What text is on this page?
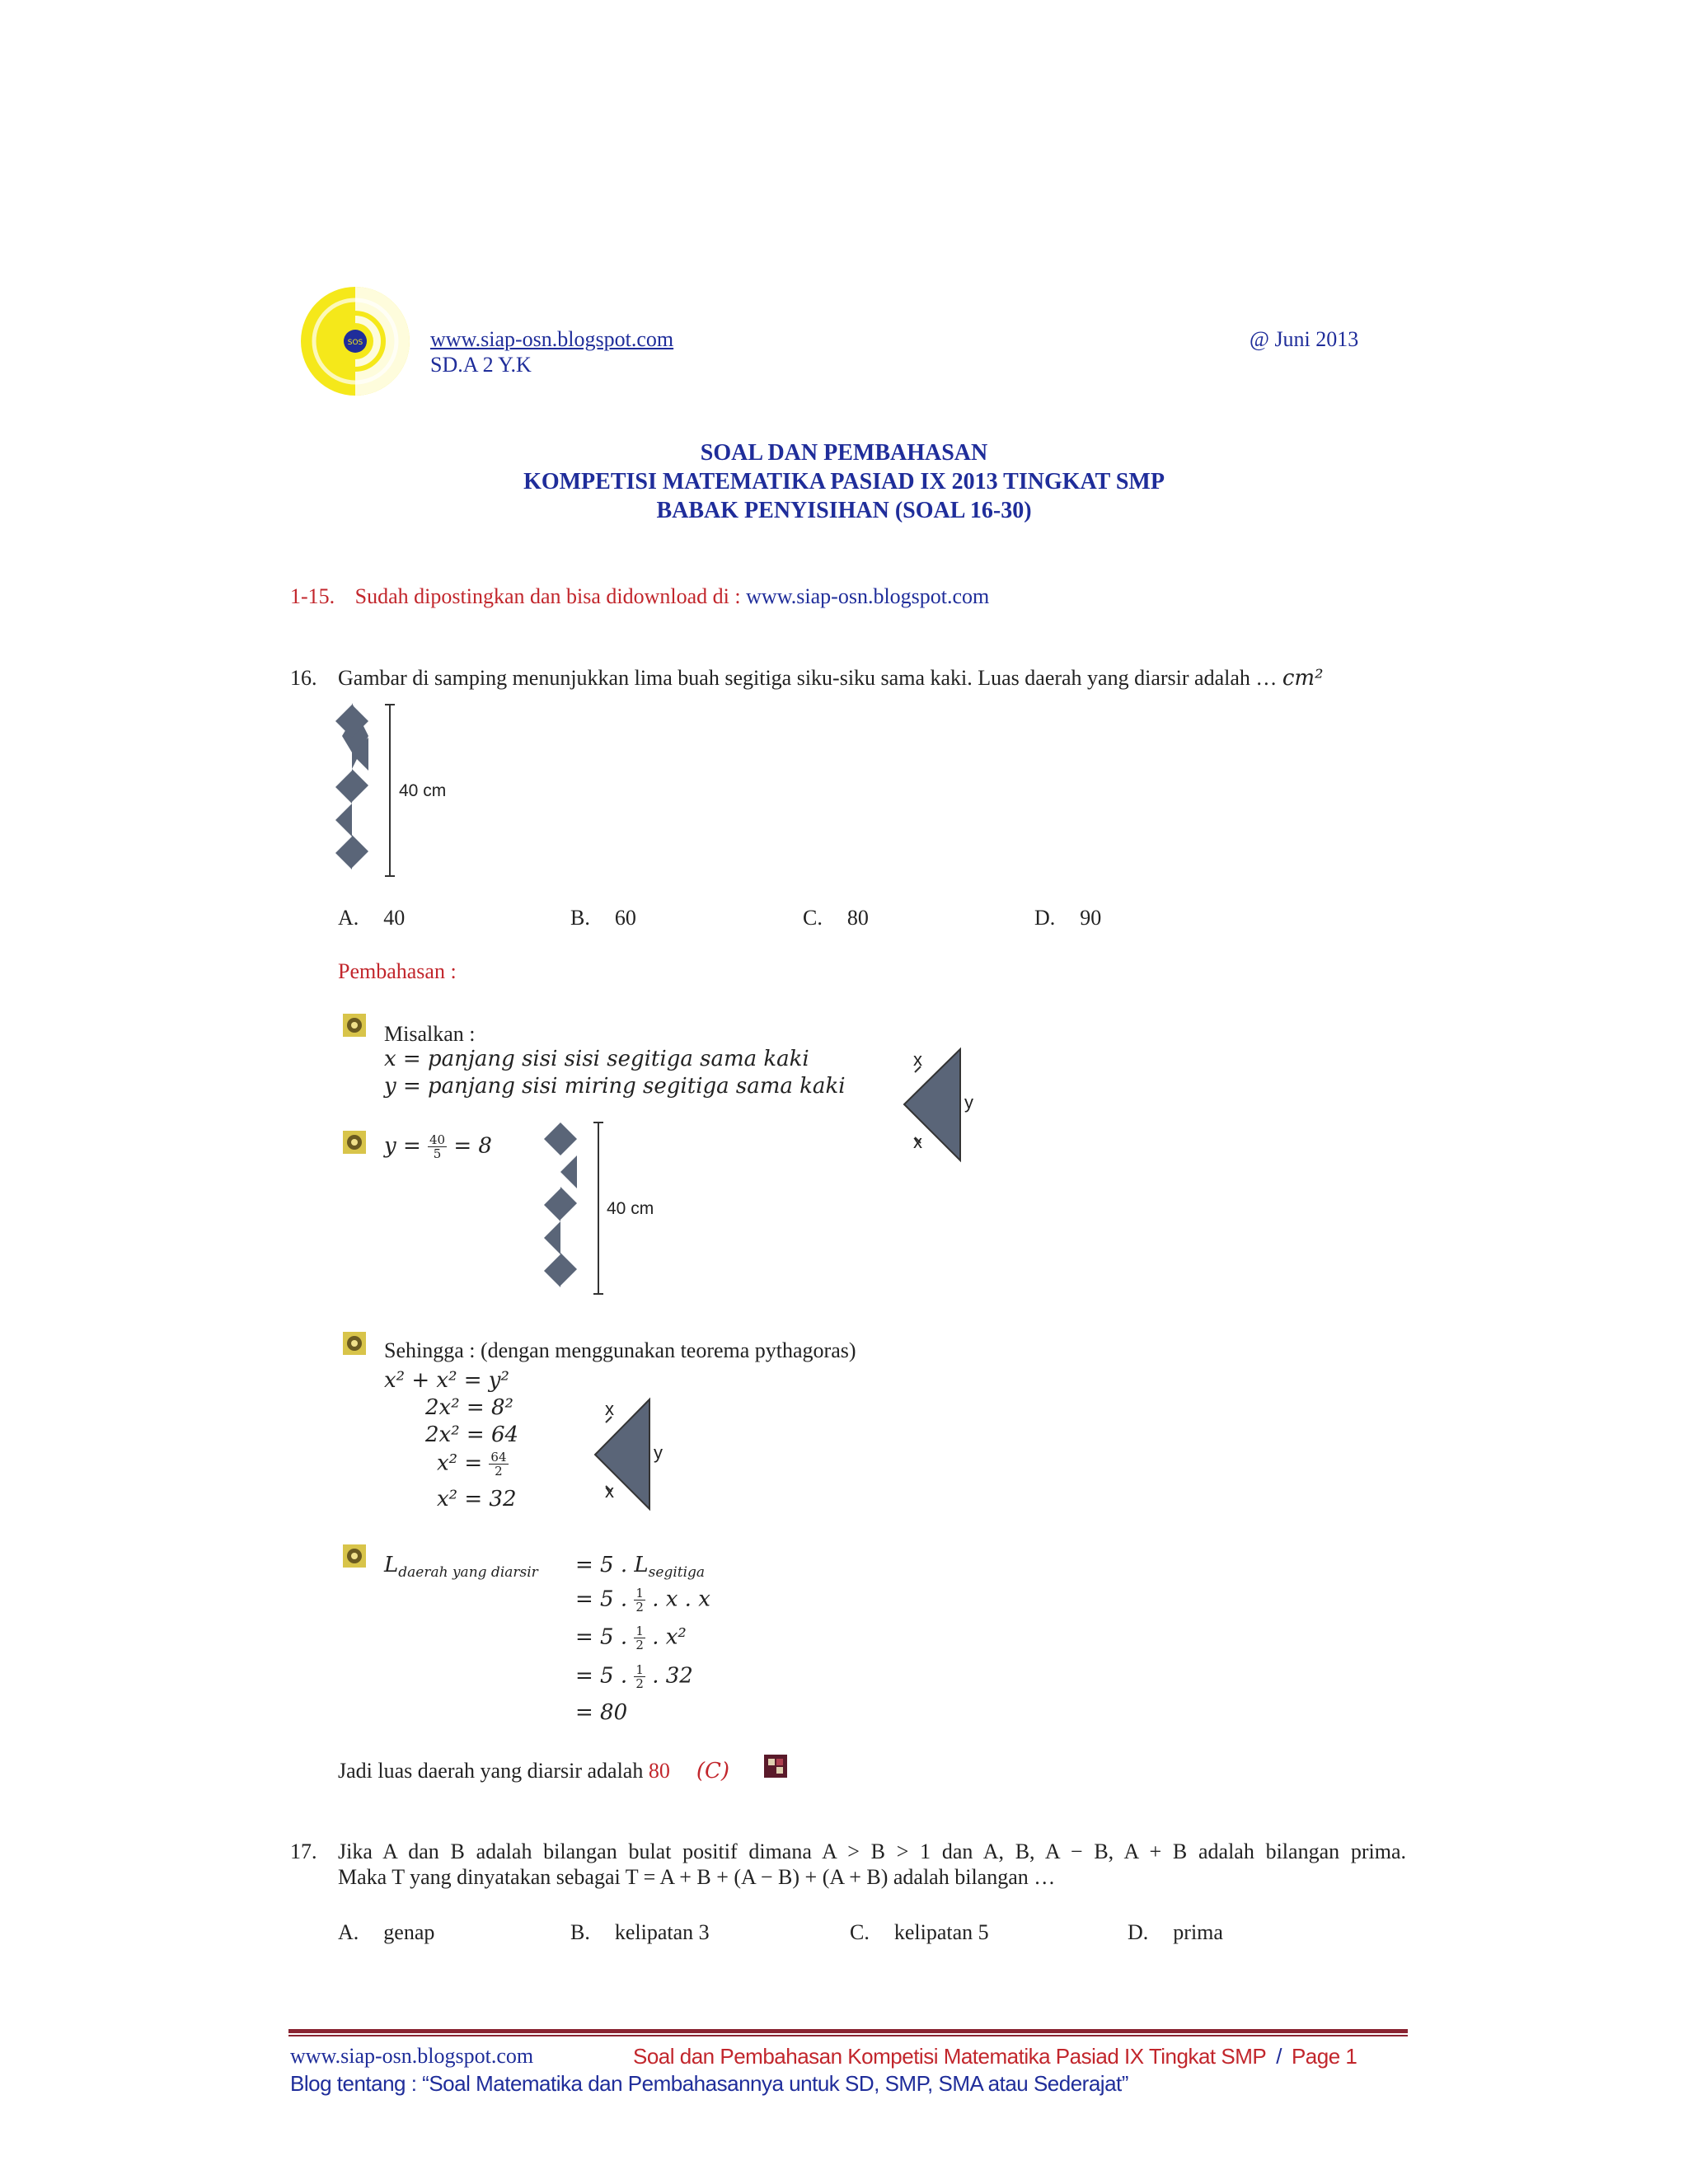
SOS	www.siap-osn.blogspot.com
SD.A 2 Y.K
@ Juni 2013
SOAL DAN PEMBAHASAN
KOMPETISI MATEMATIKA PASIAD IX 2013 TINGKAT SMP
BABAK PENYISIHAN (SOAL 16-30)
1-15. Sudah dipostingkan dan bisa didownload di : www.siap-osn.blogspot.com
16. Gambar di samping menunjukkan lima buah segitiga siku-siku sama kaki. Luas daerah yang diarsir adalah … cm²
40 cm
A. 40	B. 60	C. 80	D. 90
Pembahasan :
Misalkan :
x = panjang sisi sisi segitiga sama kaki
y = panjang sisi miring segitiga sama kaki
x
x
y
$y = \frac{40}{5} = 8$
40 cm
Sehingga : (dengan menggunakan teorema pythagoras)
x² + x² = y²
2x² = 8²
2x² = 64
$x^2 = \frac{64}{2}$
x² = 32
x
x
y
$L_{daerah yang diarsir} = 5$ . $L_{segitiga}$
= 5 . $\frac{1}{2}$ . x . x
= 5 . $\frac{1}{2}$ . x²
= 5 . $\frac{1}{2}$ . 32
= 80
Jadi luas daerah yang diarsir adalah 80 (C)
17. Jika A dan B adalah bilangan bulat positif dimana A > B > 1 dan A, B, A − B, A + B adalah bilangan prima.
Maka T yang dinyatakan sebagai T = A + B + (A − B) + (A + B) adalah bilangan …
A. genap	B. kelipatan 3	C. kelipatan 5	D. prima
www.siap-osn.blogspot.com	Soal dan Pembahasan Kompetisi Matematika Pasiad IX Tingkat SMP / Page 1
Blog tentang : “Soal Matematika dan Pembahasannya untuk SD, SMP, SMA atau Sederajat”
